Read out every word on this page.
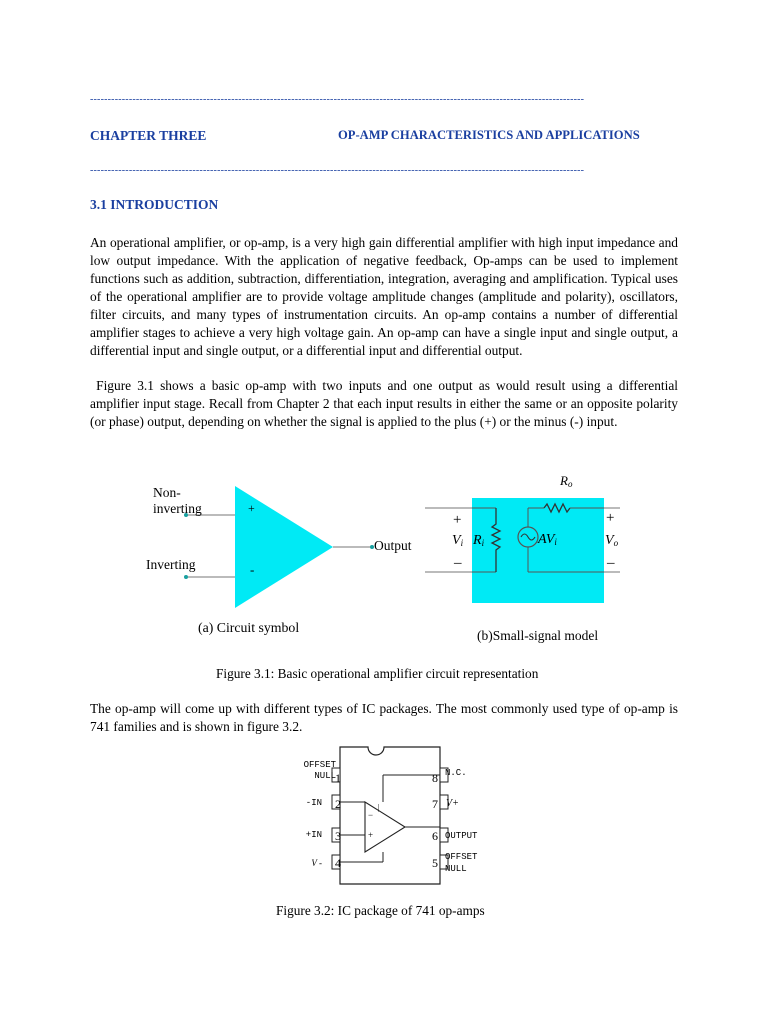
--------------------------------------------------------------------------------------------------------------------------------------------
CHAPTER THREE	OP-AMP CHARACTERISTICS AND APPLICATIONS
--------------------------------------------------------------------------------------------------------------------------------------------
3.1 INTRODUCTION
An operational amplifier, or op-amp, is a very high gain differential amplifier with high input impedance and low output impedance. With the application of negative feedback, Op-amps can be used to implement functions such as addition, subtraction, differentiation, integration, averaging and amplification. Typical uses of the operational amplifier are to provide voltage amplitude changes (amplitude and polarity), oscillators, filter circuits, and many types of instrumentation circuits. An op-amp contains a number of differential amplifier stages to achieve a very high voltage gain. An op-amp can have a single input and single output, a differential input and single output, or a differential input and differential output.
Figure 3.1 shows a basic op-amp with two inputs and one output as would result using a differential amplifier input stage. Recall from Chapter 2 that each input results in either the same or an opposite polarity (or phase) output, depending on whether the signal is applied to the plus (+) or the minus (-) input.
+
-
Non-
inverting
Inverting
Output
(a) Circuit symbol
Ro
+
–
Vi Ri	AVi
+
Vo
–
(b)Small-signal model
Figure 3.1: Basic operational amplifier circuit representation
The op-amp will come up with different types of IC packages. The most commonly used type of op-amp is 741 families and is shown in figure 3.2.
−
+
|
OFFSET NULL
-IN
+IN
V -
1
2
3
4
8
7
6
5
N.C.
V+
OUTPUT
OFFSET NULL
Figure 3.2: IC package of 741 op-amps
